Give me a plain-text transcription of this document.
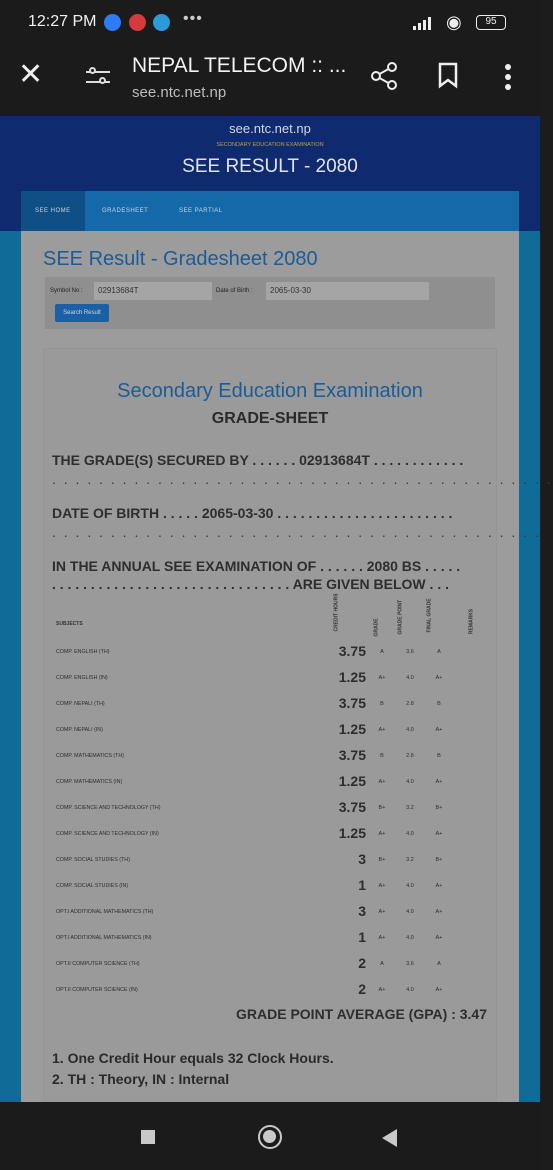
12:27 PM	•••	◉	95
✕	NEPAL TELECOM :: ...
see.ntc.net.np
see.ntc.net.np
SECONDARY EDUCATION EXAMINATION
SEE RESULT - 2080
SEE HOME	GRADESHEET	SEE PARTIAL
SEE Result - Gradesheet 2080
Symbol No :	02913684T	Date of Birth :	2065-03-30
Search Result
Secondary Education Examination
GRADE-SHEET
THE GRADE(S) SECURED BY . . . . . . 02913684T . . . . . . . . . . . .
. . . . . . . . . . . . . . . . . . . . . . . . . . . . . . . . . . . . . . . . . . .
DATE OF BIRTH . . . . . 2065-03-30 . . . . . . . . . . . . . . . . . . . . . . .
. . . . . . . . . . . . . . . . . . . . . . . . . . . . . . . . . . . . . . . . . .
IN THE ANNUAL SEE EXAMINATION OF . . . . . . 2080 BS . . . . .
. . . . . . . . . . . . . . . . . . . . . . . . . . . . . . . ARE GIVEN BELOW . . .
SUBJECTS	CREDIT HOURS	GRADE	GRADE POINT	FINAL GRADE	REMARKS
COMP. ENGLISH (TH)	3.75	A	3.6	A
COMP. ENGLISH (IN)	1.25	A+	4.0	A+
COMP. NEPALI (TH)	3.75	B	2.8	B
COMP. NEPALI (IN)	1.25	A+	4.0	A+
COMP. MATHEMATICS (TH)	3.75	B	2.8	B
COMP. MATHEMATICS (IN)	1.25	A+	4.0	A+
COMP. SCIENCE AND TECHNOLOGY (TH)	3.75	B+	3.2	B+
COMP. SCIENCE AND TECHNOLOGY (IN)	1.25	A+	4.0	A+
COMP. SOCIAL STUDIES (TH)	3	B+	3.2	B+
COMP. SOCIAL STUDIES (IN)	1	A+	4.0	A+
OPT.I ADDITIONAL MATHEMATICS (TH)	3	A+	4.0	A+
OPT.I ADDITIONAL MATHEMATICS (IN)	1	A+	4.0	A+
OPT.II COMPUTER SCIENCE (TH)	2	A	3.6	A
OPT.II COMPUTER SCIENCE (IN)	2	A+	4.0	A+
GRADE POINT AVERAGE (GPA) : 3.47
1. One Credit Hour equals 32 Clock Hours.
2. TH : Theory, IN : Internal
